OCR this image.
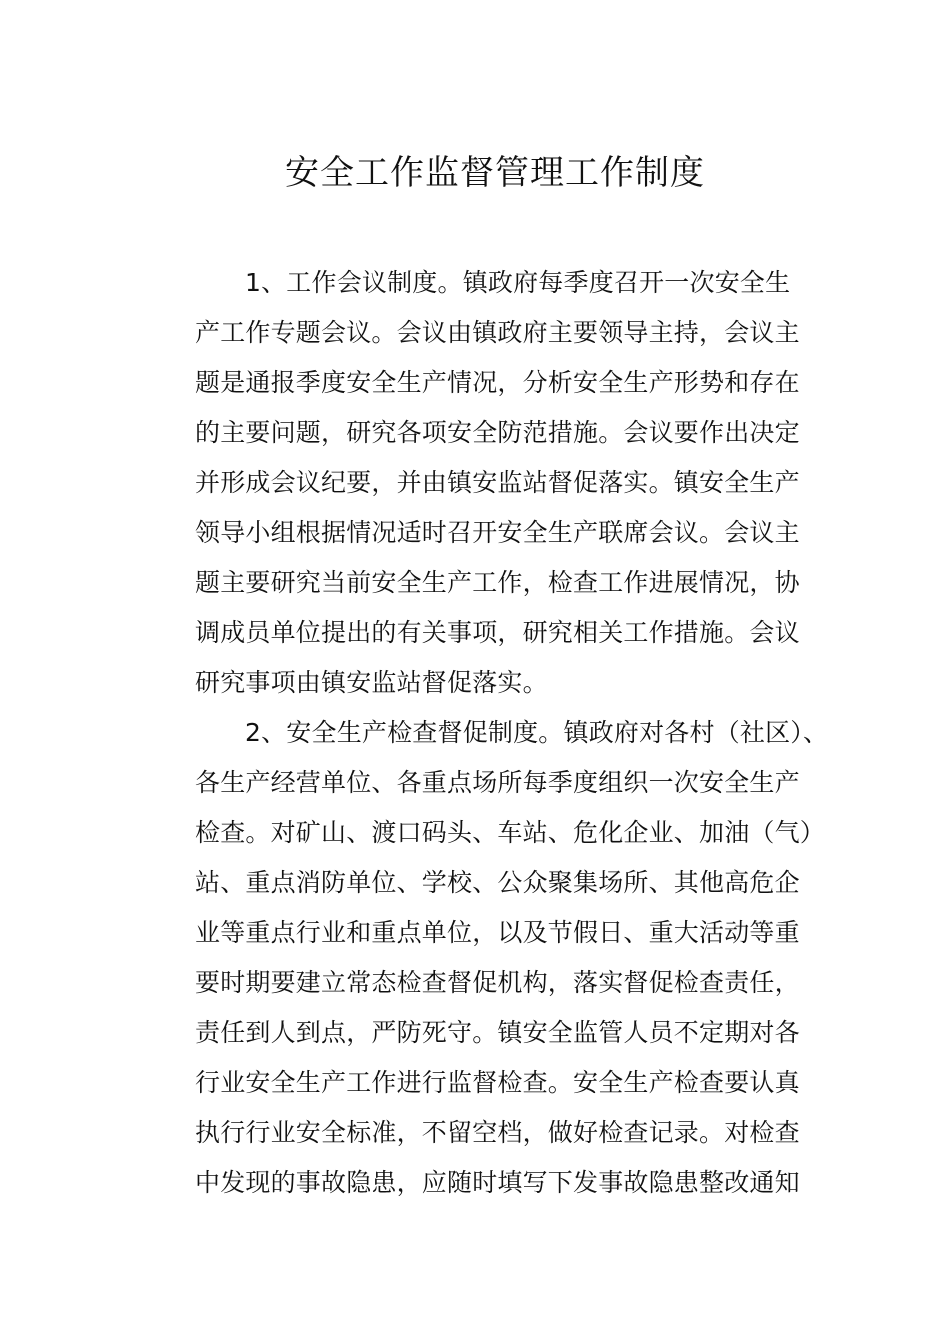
安全工作监督管理工作制度
1、工作会议制度。镇政府每季度召开一次安全生
产工作专题会议。会议由镇政府主要领导主持，会议主
题是通报季度安全生产情况，分析安全生产形势和存在
的主要问题，研究各项安全防范措施。会议要作出决定
并形成会议纪要，并由镇安监站督促落实。镇安全生产
领导小组根据情况适时召开安全生产联席会议。会议主
题主要研究当前安全生产工作，检查工作进展情况，协
调成员单位提出的有关事项，研究相关工作措施。会议
研究事项由镇安监站督促落实。
2、安全生产检查督促制度。镇政府对各村（社区）、
各生产经营单位、各重点场所每季度组织一次安全生产
检查。对矿山、渡口码头、车站、危化企业、加油（气）
站、重点消防单位、学校、公众聚集场所、其他高危企
业等重点行业和重点单位，以及节假日、重大活动等重
要时期要建立常态检查督促机构，落实督促检查责任，
责任到人到点，严防死守。镇安全监管人员不定期对各
行业安全生产工作进行监督检查。安全生产检查要认真
执行行业安全标准，不留空档，做好检查记录。对检查
中发现的事故隐患，应随时填写下发事故隐患整改通知
